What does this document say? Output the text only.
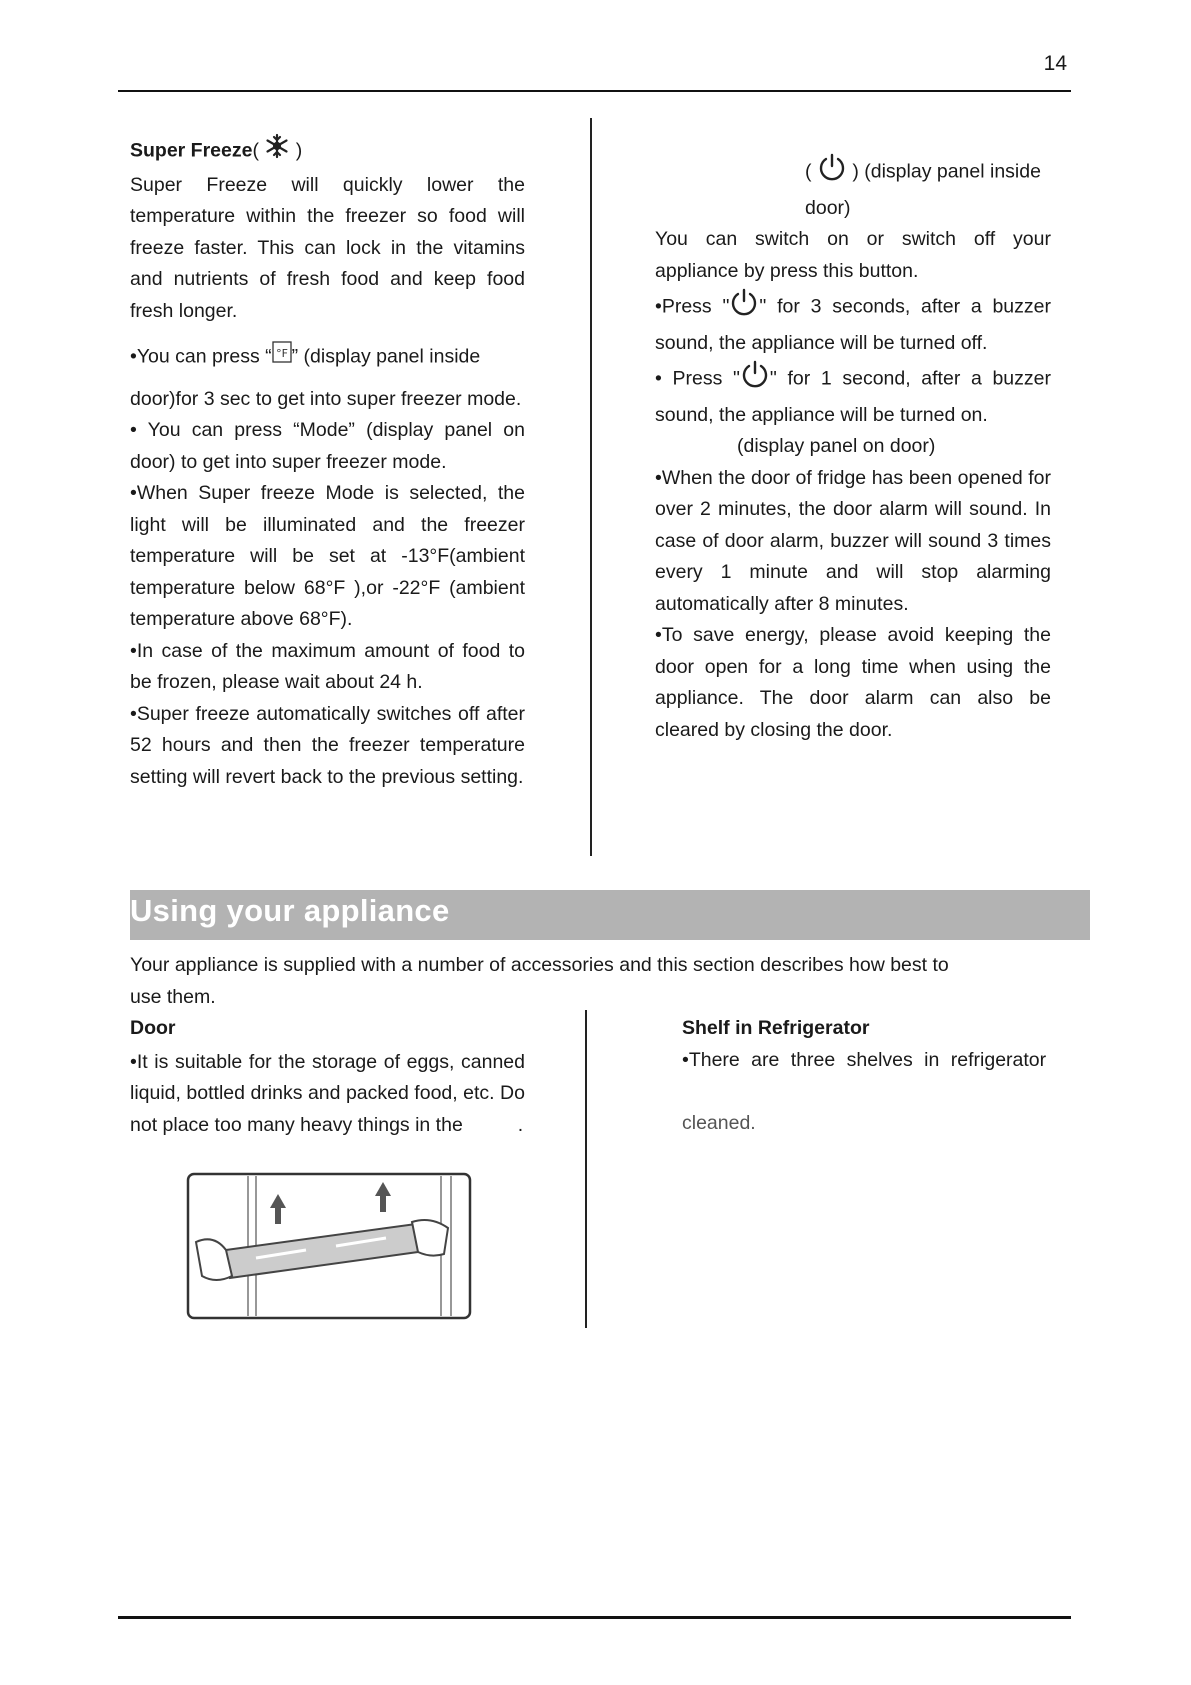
14

Super Freeze(  )

Super Freeze will quickly lower the temperature within the freezer so food will freeze faster. This can lock in the vitamins and nutrients of fresh food and keep food fresh longer.

•You can press “ °F ” (display panel inside

door)for 3 sec to get into super freezer mode.

• You can press “Mode” (display panel on door) to get into super freezer mode.

•When Super freeze Mode is selected, the light will be illuminated and the freezer temperature will be set at -13°F(ambient temperature below 68°F ),or -22°F (ambient temperature above 68°F).

•In case of the maximum amount of food to be frozen, please wait about 24 h.

•Super freeze automatically switches off after 52 hours and then the freezer temperature setting will revert back to the previous setting.

( ) (display panel inside door)

You can switch on or switch off your appliance by press this button.

•Press " " for 3 seconds, after a buzzer sound, the appliance will be turned off.

• Press " " for 1 second, after a buzzer sound, the appliance will be turned on.

(display panel on door)

•When the door of fridge has been opened for over 2 minutes, the door alarm will sound. In case of door alarm, buzzer will sound 3 times every 1 minute and will stop alarming automatically after 8 minutes.

•To save energy, please avoid keeping the door open for a long time when using the appliance. The door alarm can also be cleared by closing the door.

Using your appliance
Your appliance is supplied with a number of accessories and this section describes how best to use them.

Door

•It is suitable for the storage of eggs, canned liquid, bottled drinks and packed food, etc. Do not place too many heavy things in the	.

Shelf in Refrigerator

•There are three shelves in refrigerator

cleaned.
